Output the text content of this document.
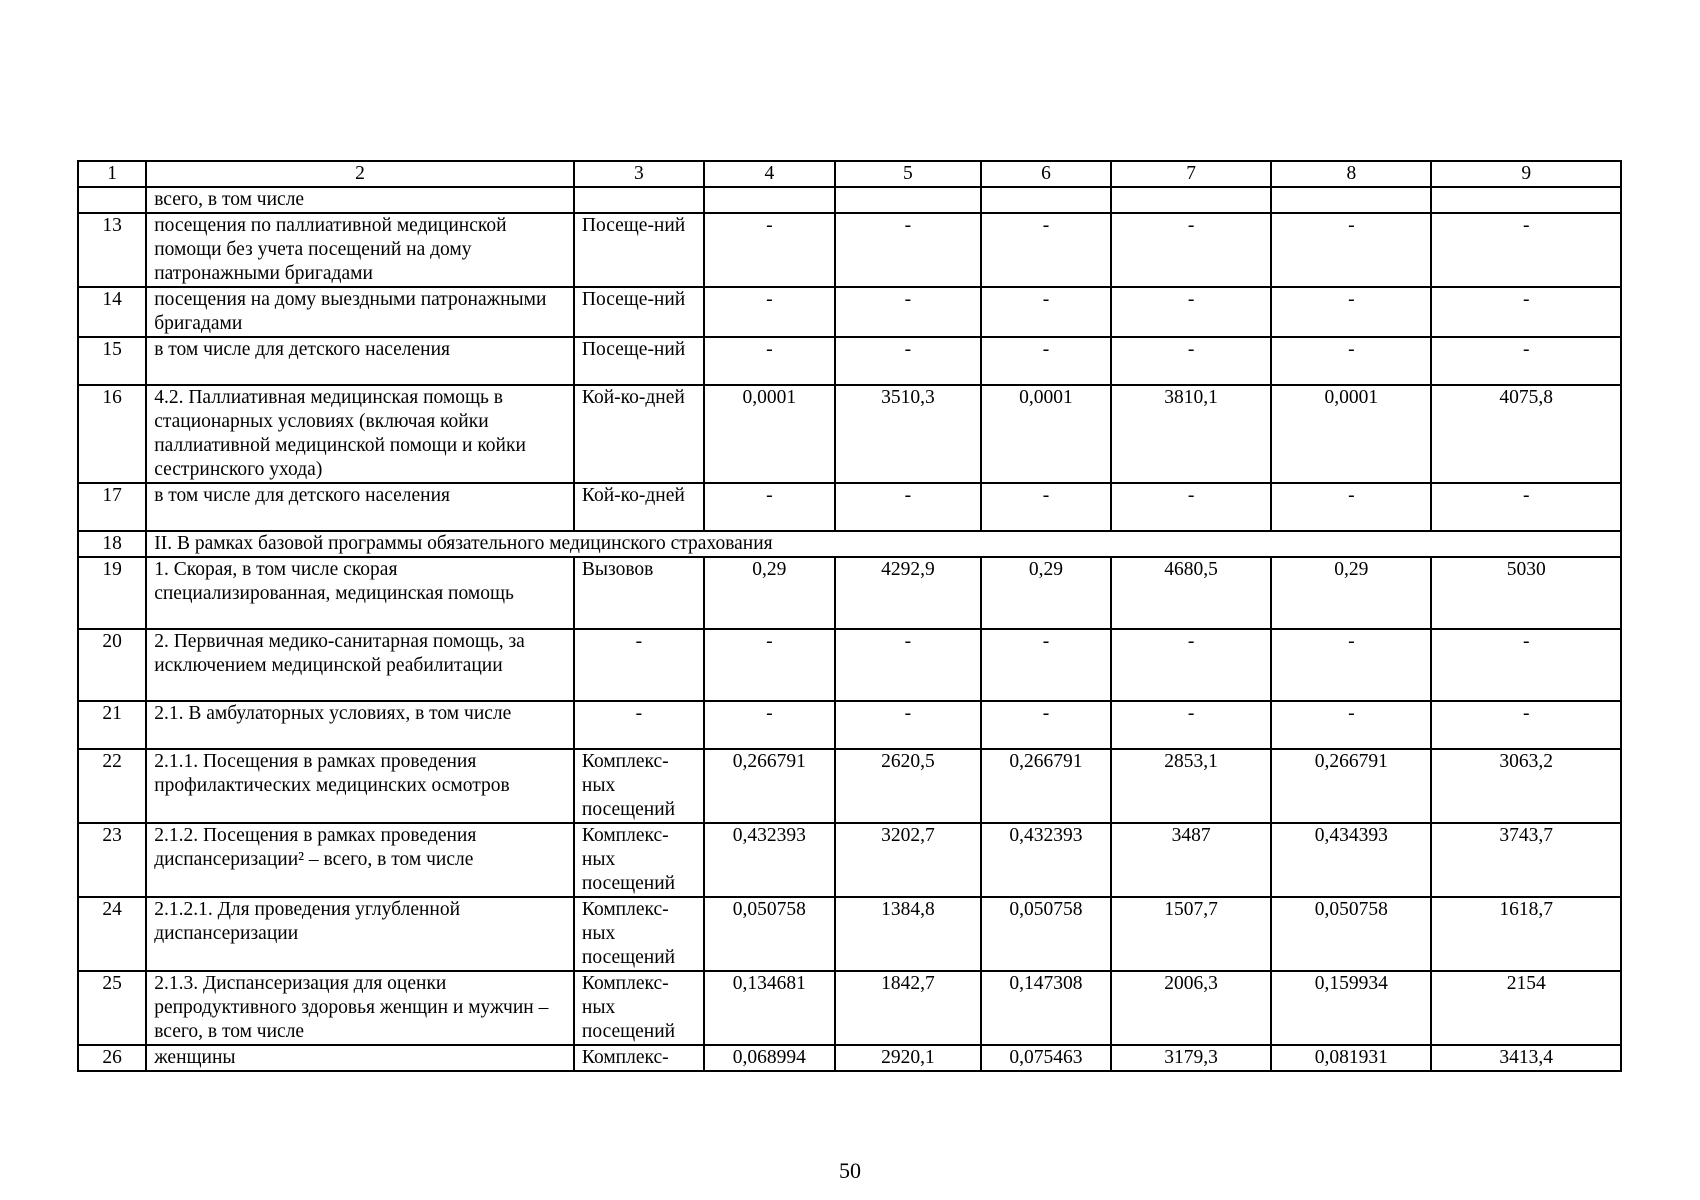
1	2	3	4	5	6	7	8	9
	всего, в том числе							
13	посещения по паллиативной медицинской помощи без учета посещений на дому патронажными бригадами	Посеще-ний	-	-	-	-	-	-
14	посещения на дому выездными патронажными бригадами	Посеще-ний	-	-	-	-	-	-
15	в том числе для детского населения	Посеще-ний	-	-	-	-	-	-
16	4.2. Паллиативная медицинская помощь в стационарных условиях (включая койки паллиативной медицинской помощи и койки сестринского ухода)	Кой-ко-дней	0,0001	3510,3	0,0001	3810,1	0,0001	4075,8
17	в том числе для детского населения	Кой-ко-дней	-	-	-	-	-	-
18	II. В рамках базовой программы обязательного медицинского страхования							
19	1. Скорая, в том числе скорая специализированная, медицинская помощь	Вызовов	0,29	4292,9	0,29	4680,5	0,29	5030
20	2. Первичная медико-санитарная помощь, за исключением медицинской реабилитации	-	-	-	-	-	-	-
21	2.1. В амбулаторных условиях, в том числе	-	-	-	-	-	-	-
22	2.1.1. Посещения в рамках проведения профилактических медицинских осмотров	Комплекс-ных посещений	0,266791	2620,5	0,266791	2853,1	0,266791	3063,2
23	2.1.2. Посещения в рамках проведения диспансеризации² – всего, в том числе	Комплекс-ных посещений	0,432393	3202,7	0,432393	3487	0,434393	3743,7
24	2.1.2.1. Для проведения углубленной диспансеризации	Комплекс-ных посещений	0,050758	1384,8	0,050758	1507,7	0,050758	1618,7
25	2.1.3. Диспансеризация для оценки репродуктивного здоровья женщин и мужчин – всего, в том числе	Комплекс-ных посещений	0,134681	1842,7	0,147308	2006,3	0,159934	2154
26	женщины	Комплекс-	0,068994	2920,1	0,075463	3179,3	0,081931	3413,4
50
